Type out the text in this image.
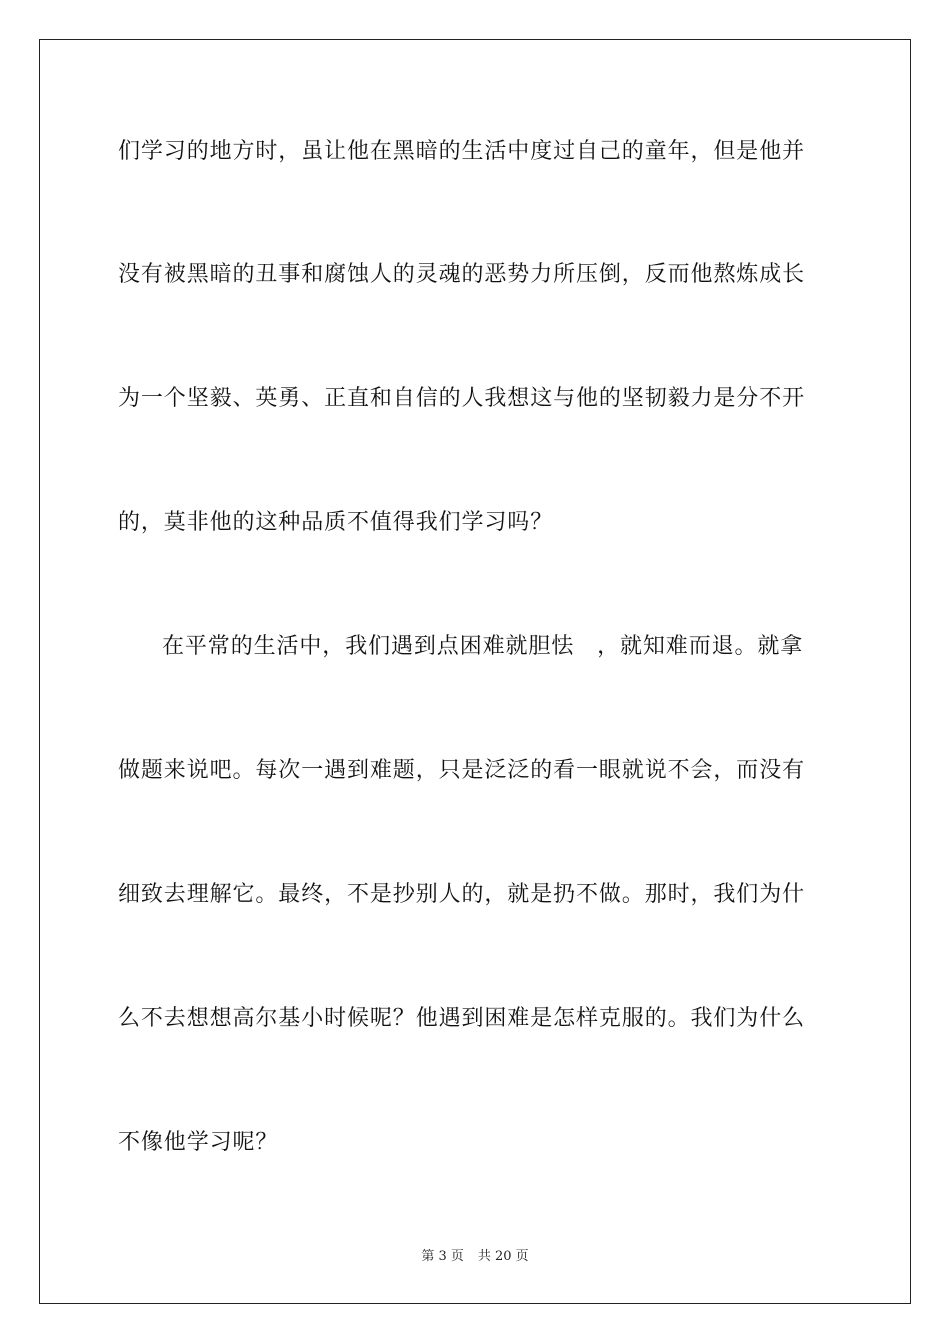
们学习的地方时，虽让他在黑暗的生活中度过自己的童年，但是他并
没有被黑暗的丑事和腐蚀人的灵魂的恶势力所压倒，反而他熬炼成长
为一个坚毅、英勇、正直和自信的人我想这与他的坚韧毅力是分不开
的，莫非他的这种品质不值得我们学习吗？
在平常的生活中，我们遇到点困难就胆怯　，就知难而退。就拿
做题来说吧。每次一遇到难题，只是泛泛的看一眼就说不会，而没有
细致去理解它。最终，不是抄别人的，就是扔不做。那时，我们为什
么不去想想高尔基小时候呢？他遇到困难是怎样克服的。我们为什么
不像他学习呢？
第 3 页 共 20 页
